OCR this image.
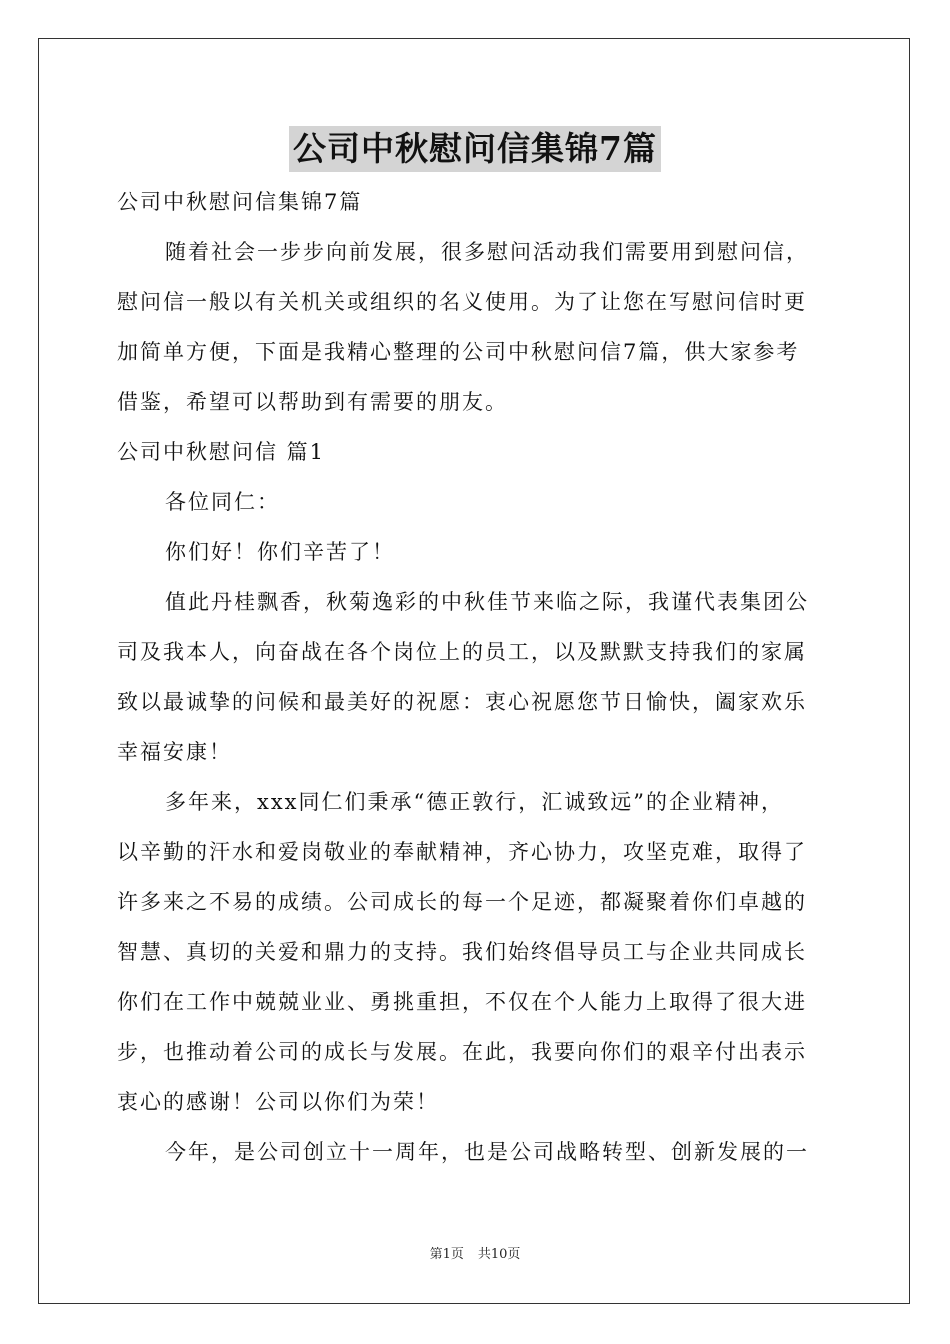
公司中秋慰问信集锦7篇
公司中秋慰问信集锦7篇
随着社会一步步向前发展，很多慰问活动我们需要用到慰问信，
慰问信一般以有关机关或组织的名义使用。为了让您在写慰问信时更
加简单方便，下面是我精心整理的公司中秋慰问信7篇，供大家参考
借鉴，希望可以帮助到有需要的朋友。
公司中秋慰问信 篇1
各位同仁：
你们好！你们辛苦了！
值此丹桂飘香，秋菊逸彩的中秋佳节来临之际，我谨代表集团公
司及我本人，向奋战在各个岗位上的员工，以及默默支持我们的家属
致以最诚挚的问候和最美好的祝愿：衷心祝愿您节日愉快，阖家欢乐
幸福安康！
多年来，xxx同仁们秉承“德正敦行，汇诚致远”的企业精神，
以辛勤的汗水和爱岗敬业的奉献精神，齐心协力，攻坚克难，取得了
许多来之不易的成绩。公司成长的每一个足迹，都凝聚着你们卓越的
智慧、真切的关爱和鼎力的支持。我们始终倡导员工与企业共同成长
你们在工作中兢兢业业、勇挑重担，不仅在个人能力上取得了很大进
步，也推动着公司的成长与发展。在此，我要向你们的艰辛付出表示
衷心的感谢！公司以你们为荣！
今年，是公司创立十一周年，也是公司战略转型、创新发展的一
第1页 共10页
